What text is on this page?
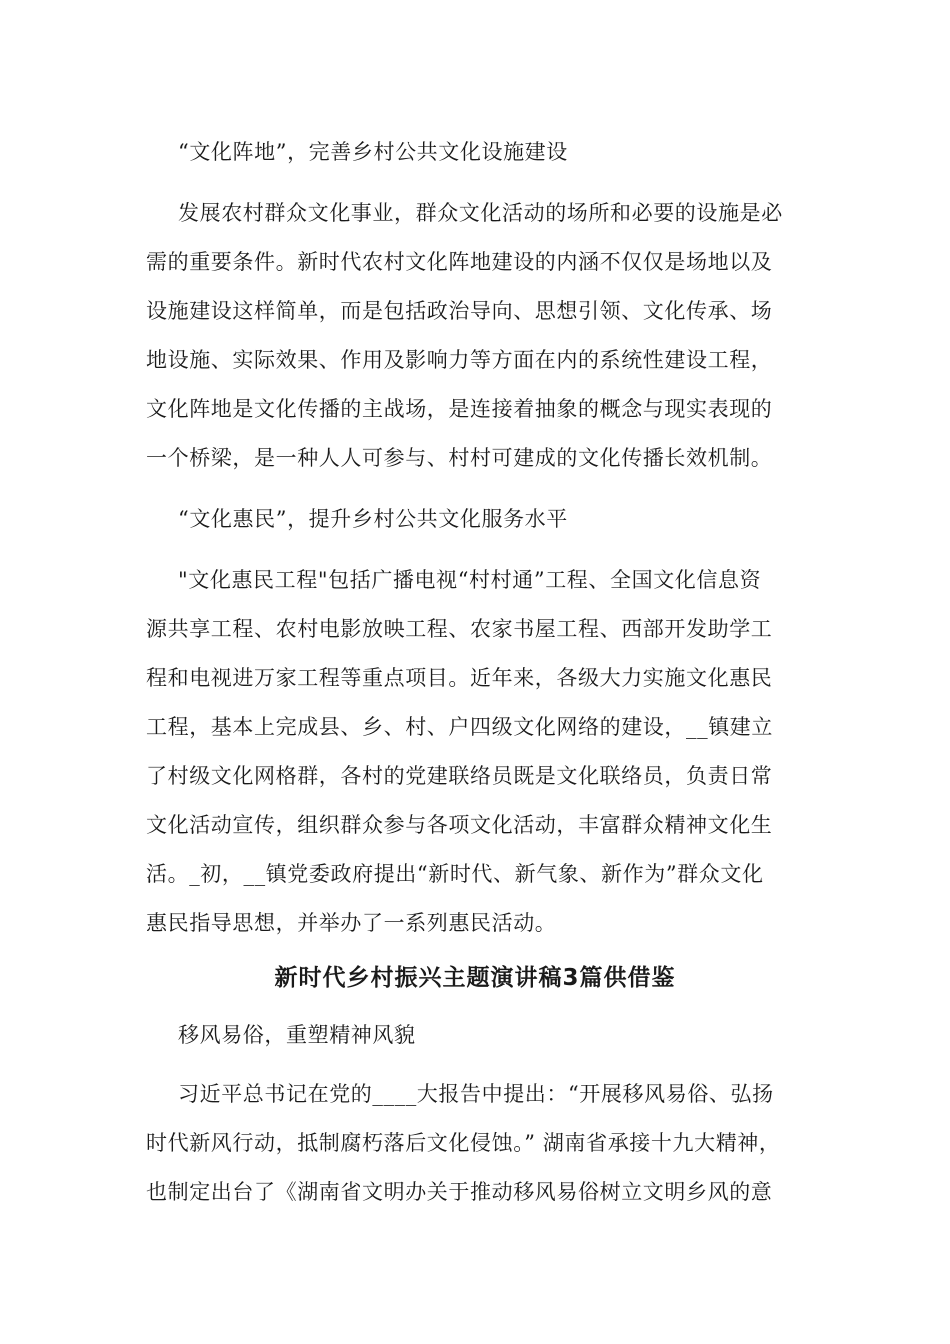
“文化阵地”，完善乡村公共文化设施建设
发展农村群众文化事业，群众文化活动的场所和必要的设施是必
需的重要条件。新时代农村文化阵地建设的内涵不仅仅是场地以及
设施建设这样简单，而是包括政治导向、思想引领、文化传承、场
地设施、实际效果、作用及影响力等方面在内的系统性建设工程，
文化阵地是文化传播的主战场，是连接着抽象的概念与现实表现的
一个桥梁，是一种人人可参与、村村可建成的文化传播长效机制。
“文化惠民”，提升乡村公共文化服务水平
"文化惠民工程"包括广播电视“村村通”工程、全国文化信息资
源共享工程、农村电影放映工程、农家书屋工程、西部开发助学工
程和电视进万家工程等重点项目。近年来，各级大力实施文化惠民
工程，基本上完成县、乡、村、户四级文化网络的建设，__镇建立
了村级文化网格群，各村的党建联络员既是文化联络员，负责日常
文化活动宣传，组织群众参与各项文化活动，丰富群众精神文化生
活。_初，__镇党委政府提出“新时代、新气象、新作为”群众文化
惠民指导思想，并举办了一系列惠民活动。
新时代乡村振兴主题演讲稿3篇供借鉴
移风易俗，重塑精神风貌
习近平总书记在党的____大报告中提出：“开展移风易俗、弘扬
时代新风行动，抵制腐朽落后文化侵蚀。” 湖南省承接十九大精神，
也制定出台了《湖南省文明办关于推动移风易俗树立文明乡风的意
